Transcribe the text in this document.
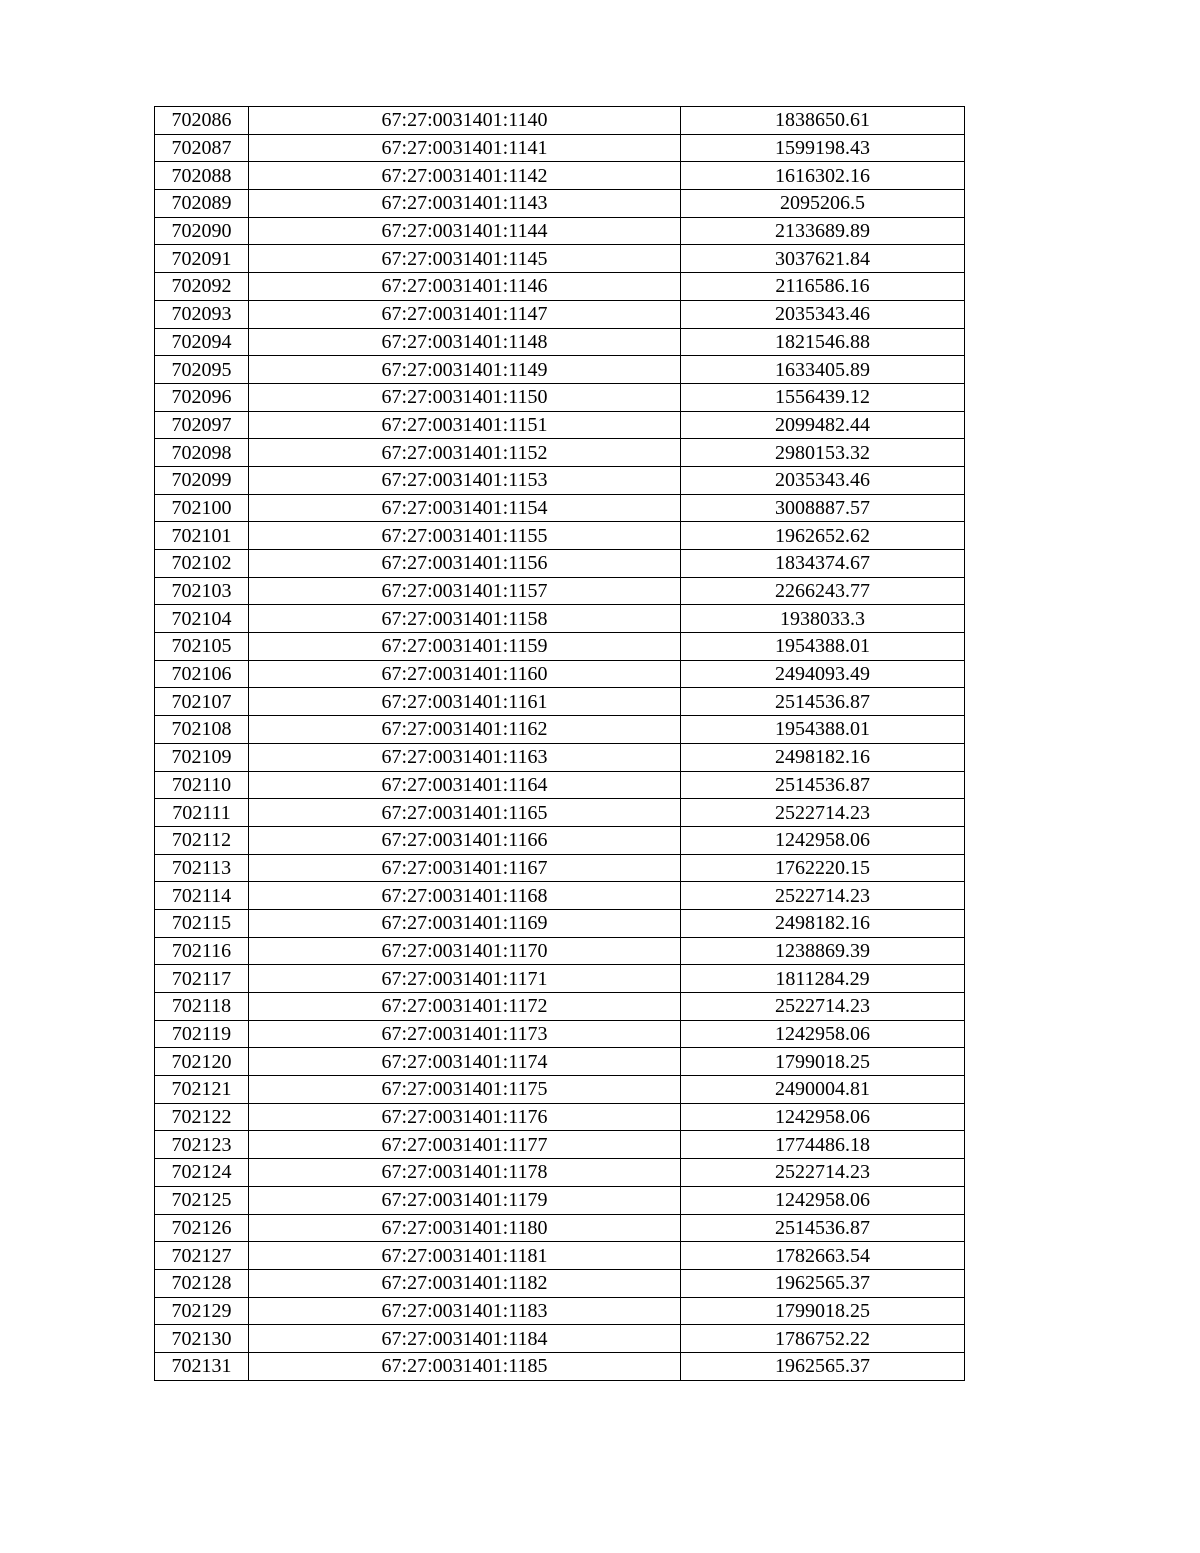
702086	67:27:0031401:1140	1838650.61
702087	67:27:0031401:1141	1599198.43
702088	67:27:0031401:1142	1616302.16
702089	67:27:0031401:1143	2095206.5
702090	67:27:0031401:1144	2133689.89
702091	67:27:0031401:1145	3037621.84
702092	67:27:0031401:1146	2116586.16
702093	67:27:0031401:1147	2035343.46
702094	67:27:0031401:1148	1821546.88
702095	67:27:0031401:1149	1633405.89
702096	67:27:0031401:1150	1556439.12
702097	67:27:0031401:1151	2099482.44
702098	67:27:0031401:1152	2980153.32
702099	67:27:0031401:1153	2035343.46
702100	67:27:0031401:1154	3008887.57
702101	67:27:0031401:1155	1962652.62
702102	67:27:0031401:1156	1834374.67
702103	67:27:0031401:1157	2266243.77
702104	67:27:0031401:1158	1938033.3
702105	67:27:0031401:1159	1954388.01
702106	67:27:0031401:1160	2494093.49
702107	67:27:0031401:1161	2514536.87
702108	67:27:0031401:1162	1954388.01
702109	67:27:0031401:1163	2498182.16
702110	67:27:0031401:1164	2514536.87
702111	67:27:0031401:1165	2522714.23
702112	67:27:0031401:1166	1242958.06
702113	67:27:0031401:1167	1762220.15
702114	67:27:0031401:1168	2522714.23
702115	67:27:0031401:1169	2498182.16
702116	67:27:0031401:1170	1238869.39
702117	67:27:0031401:1171	1811284.29
702118	67:27:0031401:1172	2522714.23
702119	67:27:0031401:1173	1242958.06
702120	67:27:0031401:1174	1799018.25
702121	67:27:0031401:1175	2490004.81
702122	67:27:0031401:1176	1242958.06
702123	67:27:0031401:1177	1774486.18
702124	67:27:0031401:1178	2522714.23
702125	67:27:0031401:1179	1242958.06
702126	67:27:0031401:1180	2514536.87
702127	67:27:0031401:1181	1782663.54
702128	67:27:0031401:1182	1962565.37
702129	67:27:0031401:1183	1799018.25
702130	67:27:0031401:1184	1786752.22
702131	67:27:0031401:1185	1962565.37
